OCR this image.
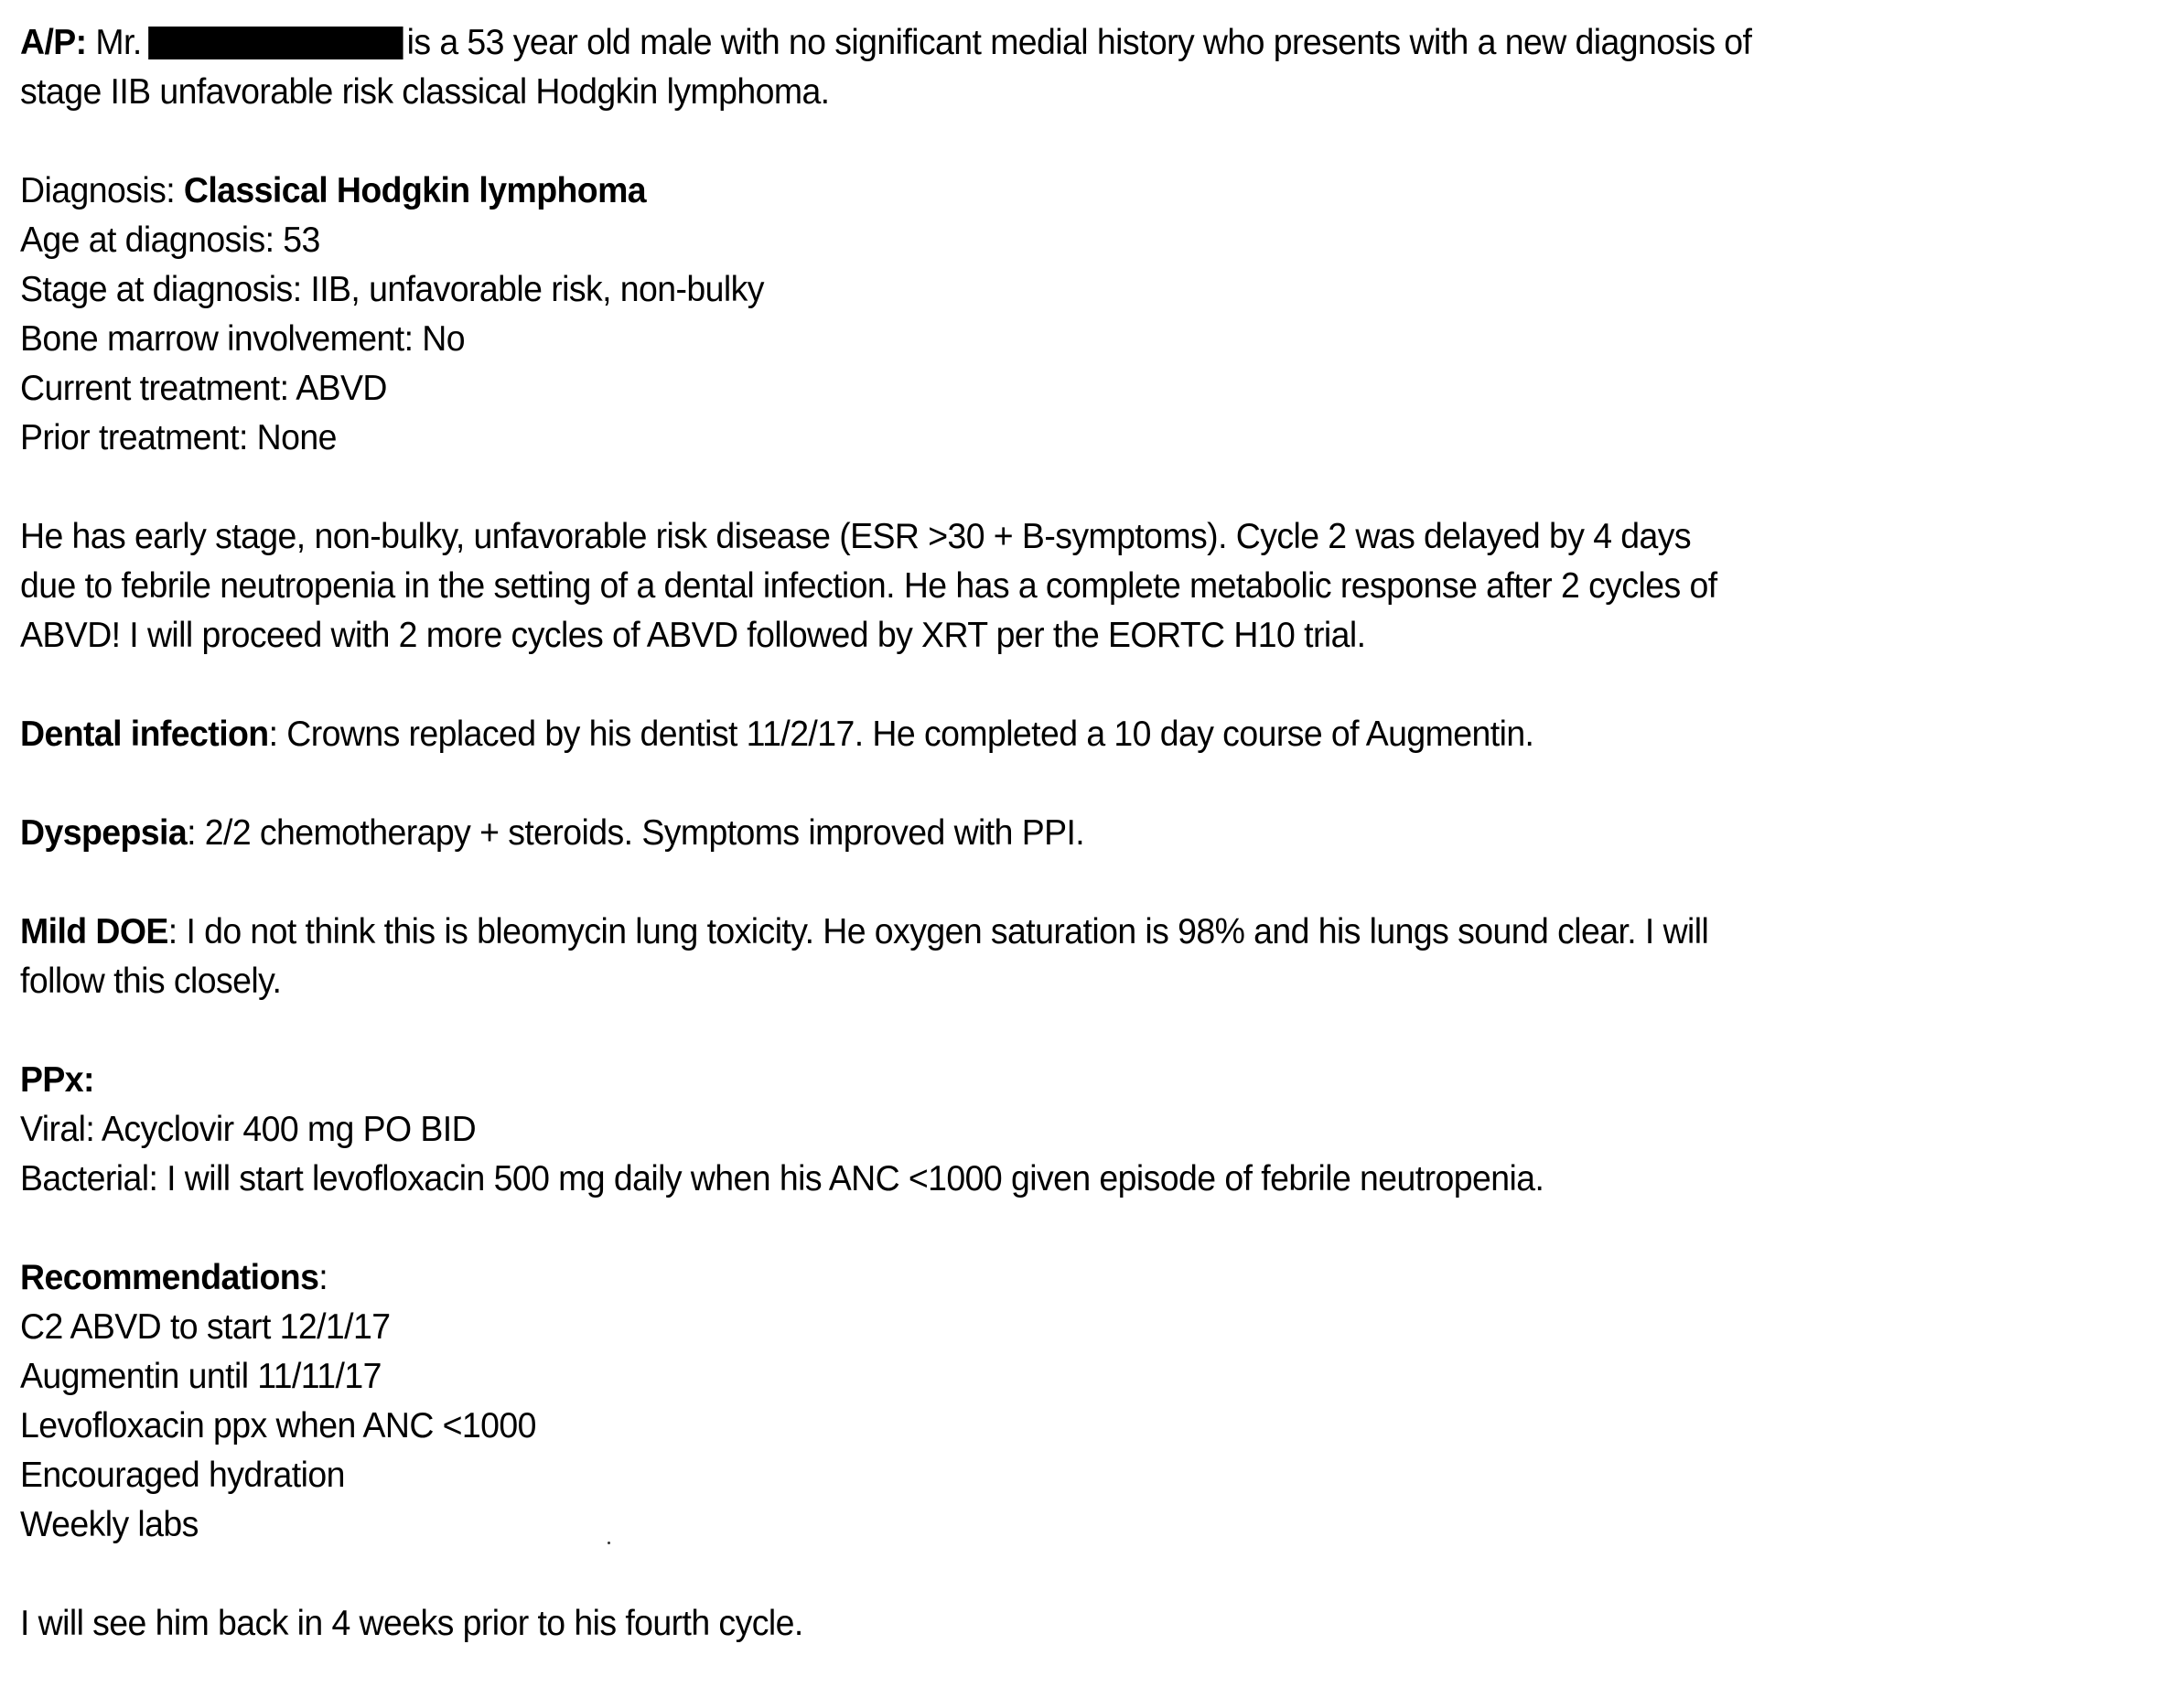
A/P: Mr.	is a 53 year old male with no significant medial history who presents with a new diagnosis of
stage IIB unfavorable risk classical Hodgkin lymphoma.
Diagnosis: Classical Hodgkin lymphoma
Age at diagnosis: 53
Stage at diagnosis: IIB, unfavorable risk, non-bulky
Bone marrow involvement: No
Current treatment: ABVD
Prior treatment: None
He has early stage, non-bulky, unfavorable risk disease (ESR >30 + B-symptoms). Cycle 2 was delayed by 4 days
due to febrile neutropenia in the setting of a dental infection. He has a complete metabolic response after 2 cycles of
ABVD! I will proceed with 2 more cycles of ABVD followed by XRT per the EORTC H10 trial.
Dental infection: Crowns replaced by his dentist 11/2/17. He completed a 10 day course of Augmentin.
Dyspepsia: 2/2 chemotherapy + steroids. Symptoms improved with PPI.
Mild DOE: I do not think this is bleomycin lung toxicity. He oxygen saturation is 98% and his lungs sound clear. I will
follow this closely.
PPx:
Viral: Acyclovir 400 mg PO BID
Bacterial: I will start levofloxacin 500 mg daily when his ANC <1000 given episode of febrile neutropenia.
Recommendations:
C2 ABVD to start 12/1/17
Augmentin until 11/11/17
Levofloxacin ppx when ANC <1000
Encouraged hydration
Weekly labs
I will see him back in 4 weeks prior to his fourth cycle.
